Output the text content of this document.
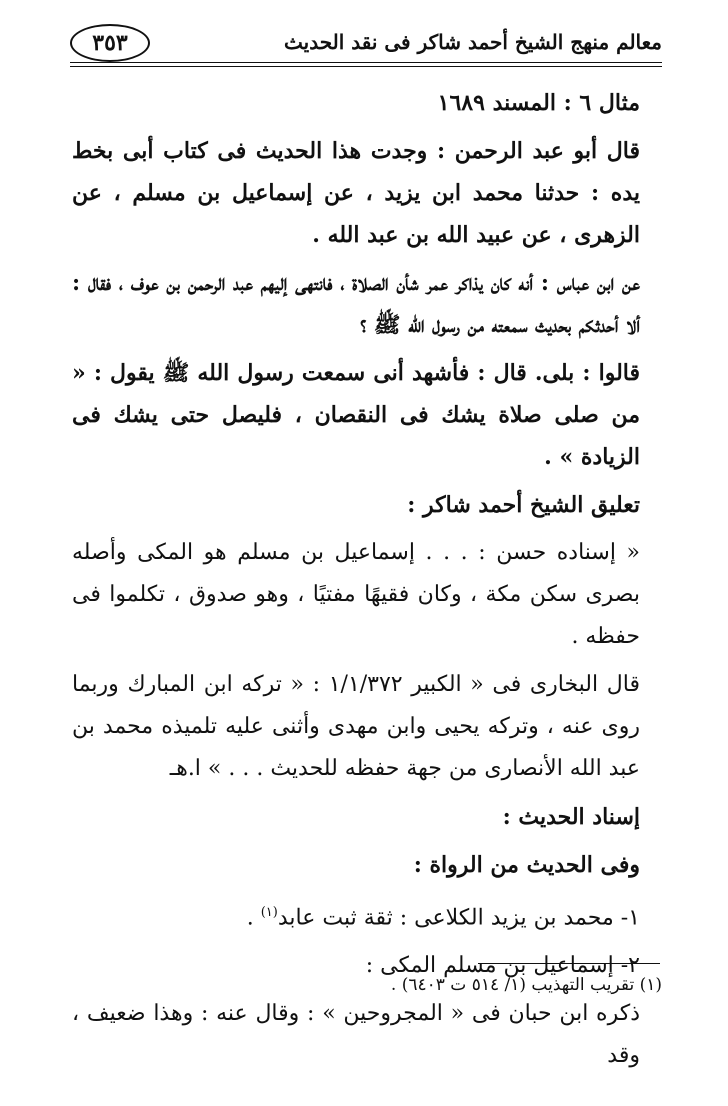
٣٥٣	معالم منهج الشيخ أحمد شاكر فى نقد الحديث

مثال ٦ : المسند ١٦٨٩

قال أبو عبد الرحمن : وجدت هذا الحديث فى كتاب أبى بخط يده : حدثنا محمد ابن يزيد ، عن إسماعيل بن مسلم ، عن الزهرى ، عن عبيد الله بن عبد الله .

عن ابن عباس : أنه كان يذاكر عمر شأن الصلاة ، فانتهى إليهم عبد الرحمن بن عوف ، فقال : ألا أحدثكم بحديث سمعته من رسول الله ﷺ ؟

قالوا : بلى. قال : فأشهد أنى سمعت رسول الله ﷺ يقول : « من صلى صلاة يشك فى النقصان ، فليصل حتى يشك فى الزيادة » .

تعليق الشيخ أحمد شاكر :

« إسناده حسن : . . . إسماعيل بن مسلم هو المكى وأصله بصرى سكن مكة ، وكان فقيهًا مفتيًا ، وهو صدوق ، تكلموا فى حفظه .

قال البخارى فى « الكبير ١/١/٣٧٢ : « تركه ابن المبارك وربما روى عنه ، وتركه يحيى وابن مهدى وأثنى عليه تلميذه محمد بن عبد الله الأنصارى من جهة حفظه للحديث . . . » ا.هـ

إسناد الحديث :

وفى الحديث من الرواة :

١- محمد بن يزيد الكلاعى : ثقة ثبت عابد$^{(١)}$ .

٢- إسماعيل بن مسلم المكى :

ذكره ابن حبان فى « المجروحين » : وقال عنه : وهذا ضعيف ، وقد

(١) تقريب التهذيب (١/ ٥١٤ ت ٦٤٠٣) .
